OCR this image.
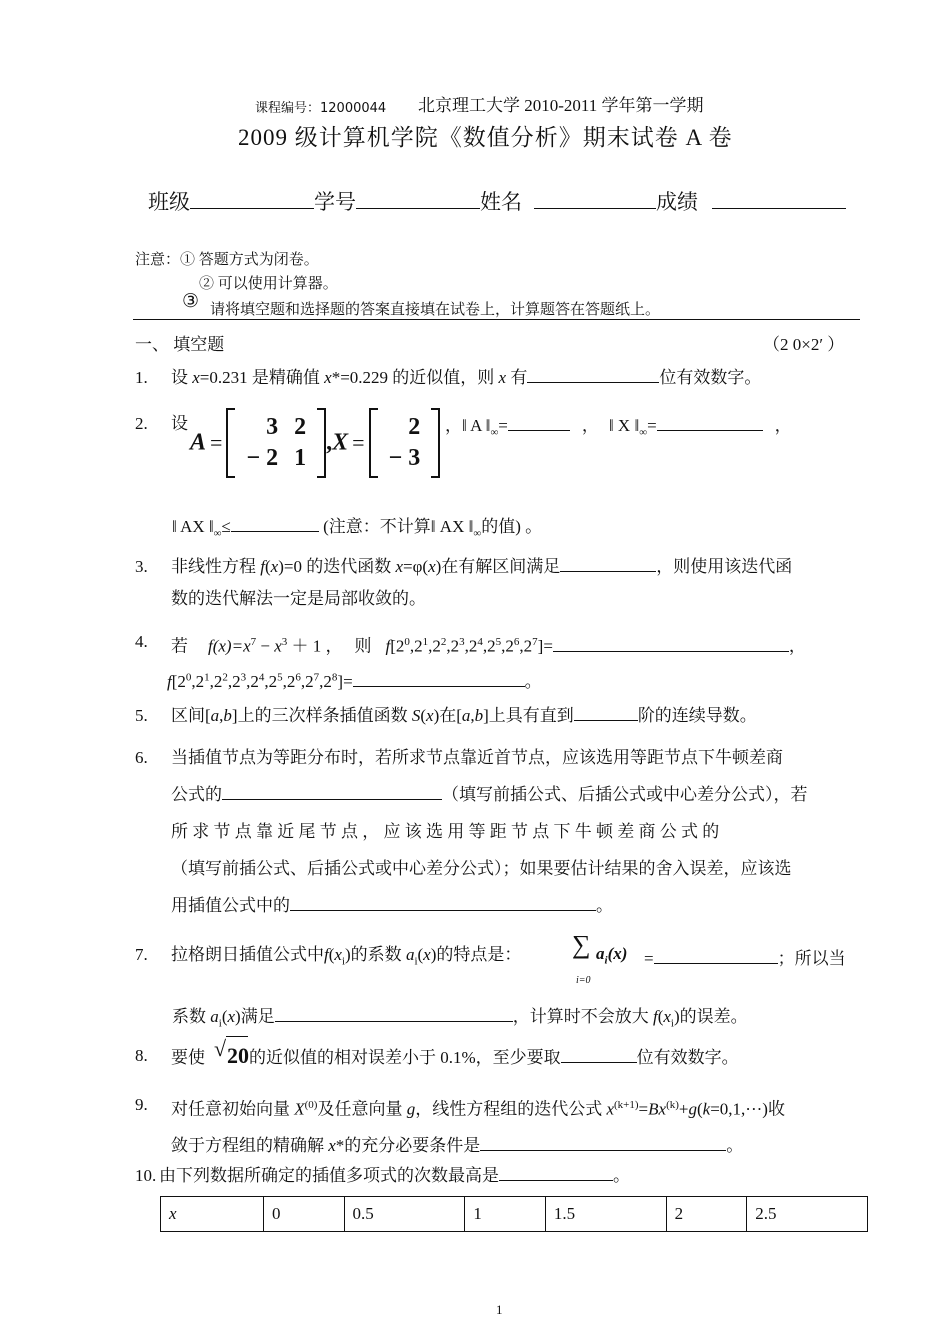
课程编号：12000044 北京理工大学 2010-2011 学年第一学期
2009 级计算机学院《数值分析》期末试卷 A 卷
班级	学号	姓名	成绩
注意：① 答题方式为闭卷。
② 可以使用计算器。
③ 请将填空题和选择题的答案直接填在试卷上，计算题答在答题纸上。
一、 填空题	（2 0×2′ ）
1. 设 x=0.231 是精确值 x*=0.229 的近似值，则 x 有	位有效数字。
2. 设
A =
3	2
− 2	1
,X =
2
− 3
，‖ A $‖_\infty=$	， ‖ X $‖_\infty=$	，
‖ AX $‖_\infty\le$	(注意：不计算‖ AX $‖_\infty$的值) 。
3. 非线性方程 f(x)=0 的迭代函数 x=φ(x)在有解区间满足	，则使用该迭代函
数的迭代解法一定是局部收敛的。
4. 若 $f(x)=x^7 - x^3 + 1$ ， 则 $f[2^0,2^1,2^2,2^3,2^4,2^5,2^6,2^7]=$	，
$f[2^0,2^1,2^2,2^3,2^4,2^5,2^6,2^7,2^8]=$	。
5. 区间[a,b]上的三次样条插值函数 S(x)在[a,b]上具有直到	阶的连续导数。
6. 当插值节点为等距分布时，若所求节点靠近首节点，应该选用等距节点下牛顿差商
公式的	（填写前插公式、后插公式或中心差分公式），若
所 求 节 点 靠 近 尾 节 点 ， 应 该 选 用 等 距 节 点 下 牛 顿 差 商 公 式 的
（填写前插公式、后插公式或中心差分公式）；如果要估计结果的舍入误差，应该选
用插值公式中的	。
7. 拉格朗日插值公式中$f(x_i)$的系数 $a_i(x)$的特点是：	∑
i=0
$a_i(x)$ =	；所以当
系数 $a_i(x)$满足	，计算时不会放大 $f(x_i)$的误差。
8. 要使 20的近似值的相对误差小于 0.1%，至少要取	位有效数字。
√
9. 对任意初始向量 $X^{(0)}$及任意向量 g，线性方程组的迭代公式 $x^{(k+1)}=Bx^{(k)}+g(k=0,1,\cdot\cdot\cdot)$收
敛于方程组的精确解 x*的充分必要条件是	。
10. 由下列数据所确定的插值多项式的次数最高是	。
x	0	0.5	1	1.5	2	2.5
1
